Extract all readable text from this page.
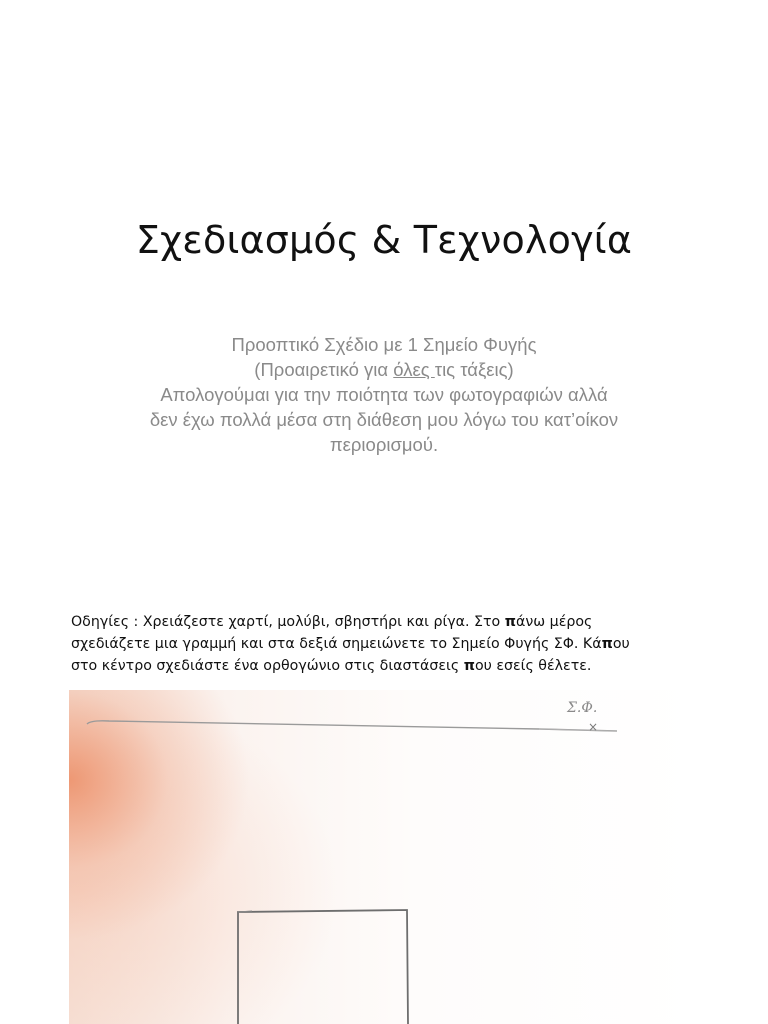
Σχεδιασμός & Τεχνολογία
Προοπτικό Σχέδιο με 1 Σημείο Φυγής
(Προαιρετικό για όλες τις τάξεις)
Απολογούμαι για την ποιότητα των φωτογραφιών αλλά
δεν έχω πολλά μέσα στη διάθεση μου λόγω του κατ’οίκον
περιορισμού.
Οδηγίες : Χρειάζεστε χαρτί, μολύβι, σβηστήρι και ρίγα. Στο πάνω μέρος
σχεδιάζετε μια γραμμή και στα δεξιά σημειώνετε το Σημείο Φυγής ΣΦ. Κάπου
στο κέντρο σχεδιάστε ένα ορθογώνιο στις διαστάσεις που εσείς θέλετε.
Σ.Φ.
×
